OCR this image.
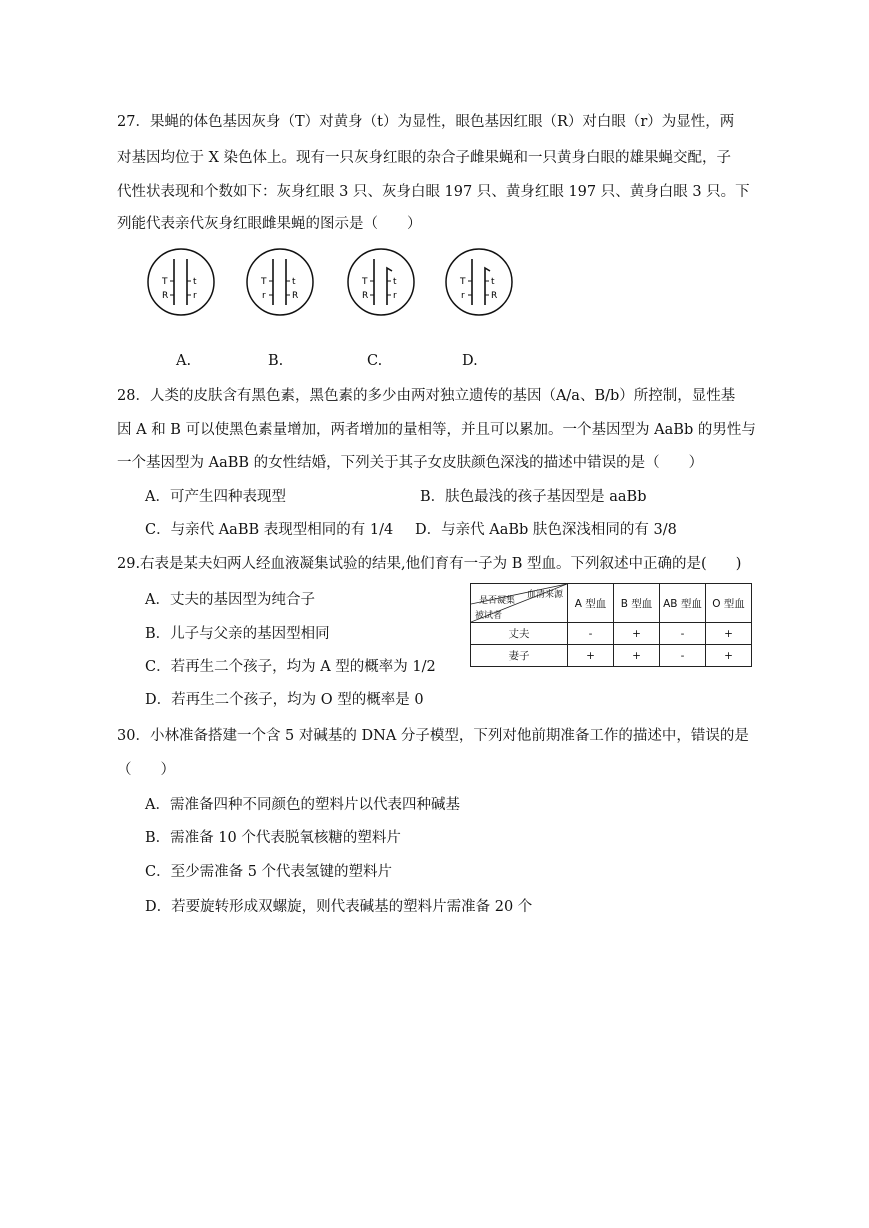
27．果蝇的体色基因灰身（T）对黄身（t）为显性，眼色基因红眼（R）对白眼（r）为显性，两
对基因均位于 X 染色体上。现有一只灰身红眼的杂合子雌果蝇和一只黄身白眼的雄果蝇交配，子
代性状表现和个数如下：灰身红眼 3 只、灰身白眼 197 只、黄身红眼 197 只、黄身白眼 3 只。下
列能代表亲代灰身红眼雌果蝇的图示是（　　）
T
R
t
r
T
r
t
R
T
R
t
r
T
r
t
R
A.	B.	C.	D.
28．人类的皮肤含有黑色素，黑色素的多少由两对独立遗传的基因（A/a、B/b）所控制，显性基
因 A 和 B 可以使黑色素量增加，两者增加的量相等，并且可以累加。一个基因型为 AaBb 的男性与
一个基因型为 AaBB 的女性结婚，下列关于其子女皮肤颜色深浅的描述中错误的是（　　）
A．可产生四种表现型	B．肤色最浅的孩子基因型是 aaBb
C．与亲代 AaBB 表现型相同的有 1/4 D．与亲代 AaBb 肤色深浅相同的有 3/8
29.右表是某夫妇两人经血液凝集试验的结果,他们育有一子为 B 型血。下列叙述中正确的是(　　)
A．丈夫的基因型为纯合子
B．儿子与父亲的基因型相同
C．若再生二个孩子，均为 A 型的概率为 1/2
D．若再生二个孩子，均为 O 型的概率是 0
血清来源
是否凝集
被试者	A 型血	B 型血	AB 型血	O 型血
丈夫	-	+	-	+
妻子	+	+	-	+
30．小林准备搭建一个含 5 对碱基的 DNA 分子模型，下列对他前期准备工作的描述中，错误的是
（　　）
A．需准备四种不同颜色的塑料片以代表四种碱基
B．需准备 10 个代表脱氧核糖的塑料片
C．至少需准备 5 个代表氢键的塑料片
D．若要旋转形成双螺旋，则代表碱基的塑料片需准备 20 个
